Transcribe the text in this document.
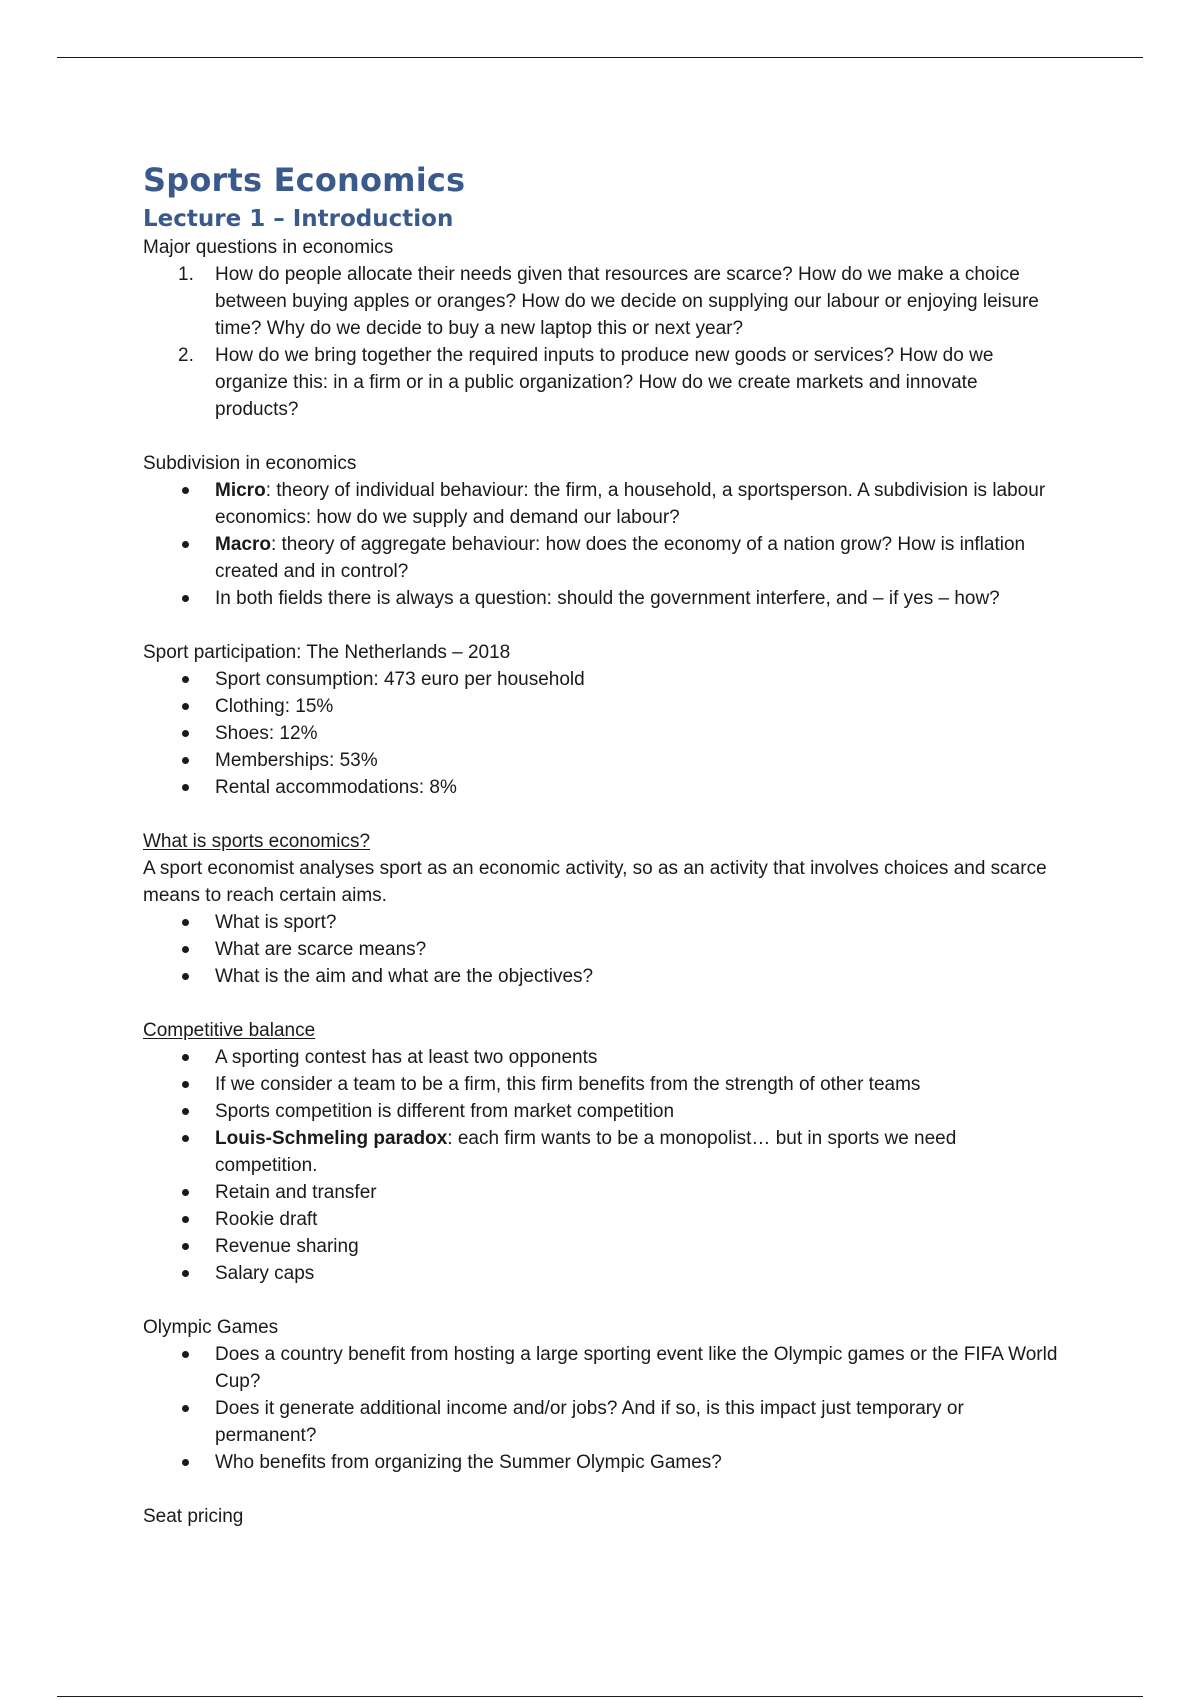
Sports Economics
Lecture 1 – Introduction

Major questions in economics

1.	How do people allocate their needs given that resources are scarce? How do we make a choice between buying apples or oranges? How do we decide on supplying our labour or enjoying leisure time? Why do we decide to buy a new laptop this or next year?
2.	How do we bring together the required inputs to produce new goods or services? How do we organize this: in a firm or in a public organization? How do we create markets and innovate products?

Subdivision in economics

Micro: theory of individual behaviour: the firm, a household, a sportsperson. A subdivision is labour economics: how do we supply and demand our labour?
Macro: theory of aggregate behaviour: how does the economy of a nation grow? How is inflation created and in control?
In both fields there is always a question: should the government interfere, and – if yes – how?

Sport participation: The Netherlands – 2018

Sport consumption: 473 euro per household
Clothing: 15%
Shoes: 12%
Memberships: 53%
Rental accommodations: 8%

What is sports economics?

A sport economist analyses sport as an economic activity, so as an activity that involves choices and scarce means to reach certain aims.

What is sport?
What are scarce means?
What is the aim and what are the objectives?

Competitive balance

A sporting contest has at least two opponents
If we consider a team to be a firm, this firm benefits from the strength of other teams
Sports competition is different from market competition
Louis-Schmeling paradox: each firm wants to be a monopolist… but in sports we need competition.
Retain and transfer
Rookie draft
Revenue sharing
Salary caps

Olympic Games

Does a country benefit from hosting a large sporting event like the Olympic games or the FIFA World Cup?
Does it generate additional income and/or jobs? And if so, is this impact just temporary or permanent?
Who benefits from organizing the Summer Olympic Games?

Seat pricing
